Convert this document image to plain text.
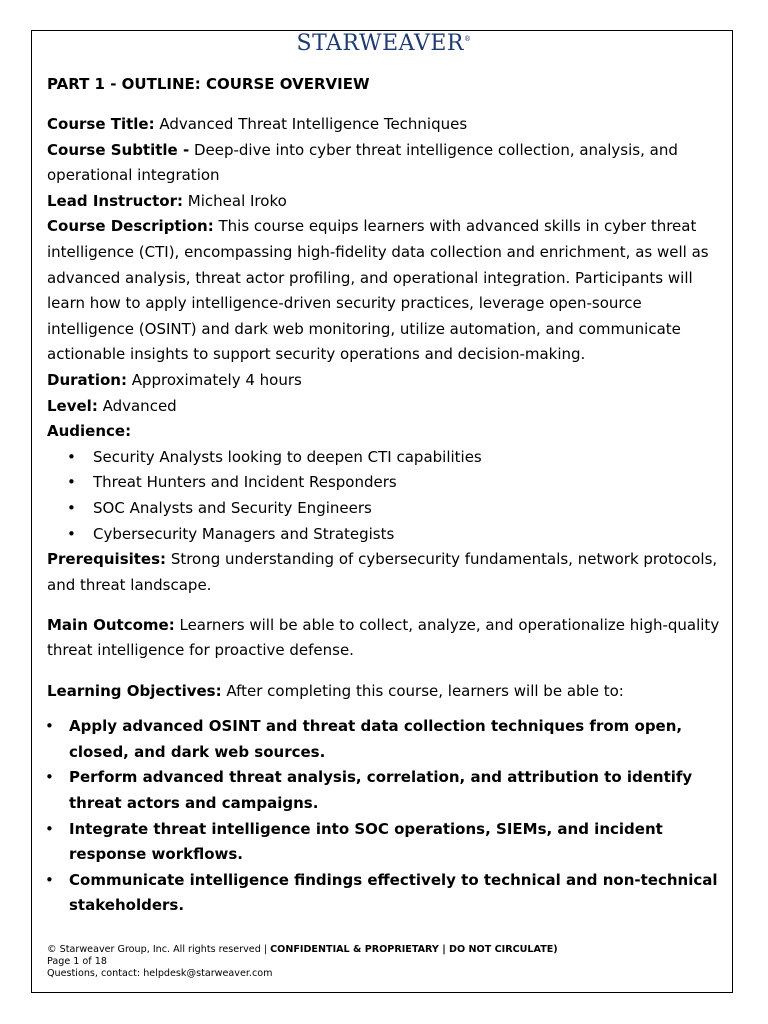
STARWEAVER®

PART 1 - OUTLINE: COURSE OVERVIEW

Course Title: Advanced Threat Intelligence Techniques

Course Subtitle - Deep-dive into cyber threat intelligence collection, analysis, and operational integration

Lead Instructor: Micheal Iroko

Course Description: This course equips learners with advanced skills in cyber threat intelligence (CTI), encompassing high-fidelity data collection and enrichment, as well as advanced analysis, threat actor profiling, and operational integration. Participants will learn how to apply intelligence-driven security practices, leverage open-source intelligence (OSINT) and dark web monitoring, utilize automation, and communicate actionable insights to support security operations and decision-making.

Duration: Approximately 4 hours

Level: Advanced

Audience:

• Security Analysts looking to deepen CTI capabilities
• Threat Hunters and Incident Responders
• SOC Analysts and Security Engineers
• Cybersecurity Managers and Strategists

Prerequisites: Strong understanding of cybersecurity fundamentals, network protocols, and threat landscape.

Main Outcome: Learners will be able to collect, analyze, and operationalize high-quality threat intelligence for proactive defense.

Learning Objectives: After completing this course, learners will be able to:

• Apply advanced OSINT and threat data collection techniques from open, closed, and dark web sources.
• Perform advanced threat analysis, correlation, and attribution to identify threat actors and campaigns.
• Integrate threat intelligence into SOC operations, SIEMs, and incident response workflows.
• Communicate intelligence findings effectively to technical and non-technical stakeholders.
© Starweaver Group, Inc. All rights reserved | CONFIDENTIAL & PROPRIETARY | DO NOT CIRCULATE)
Page 1 of 18
Questions, contact: helpdesk@starweaver.com
